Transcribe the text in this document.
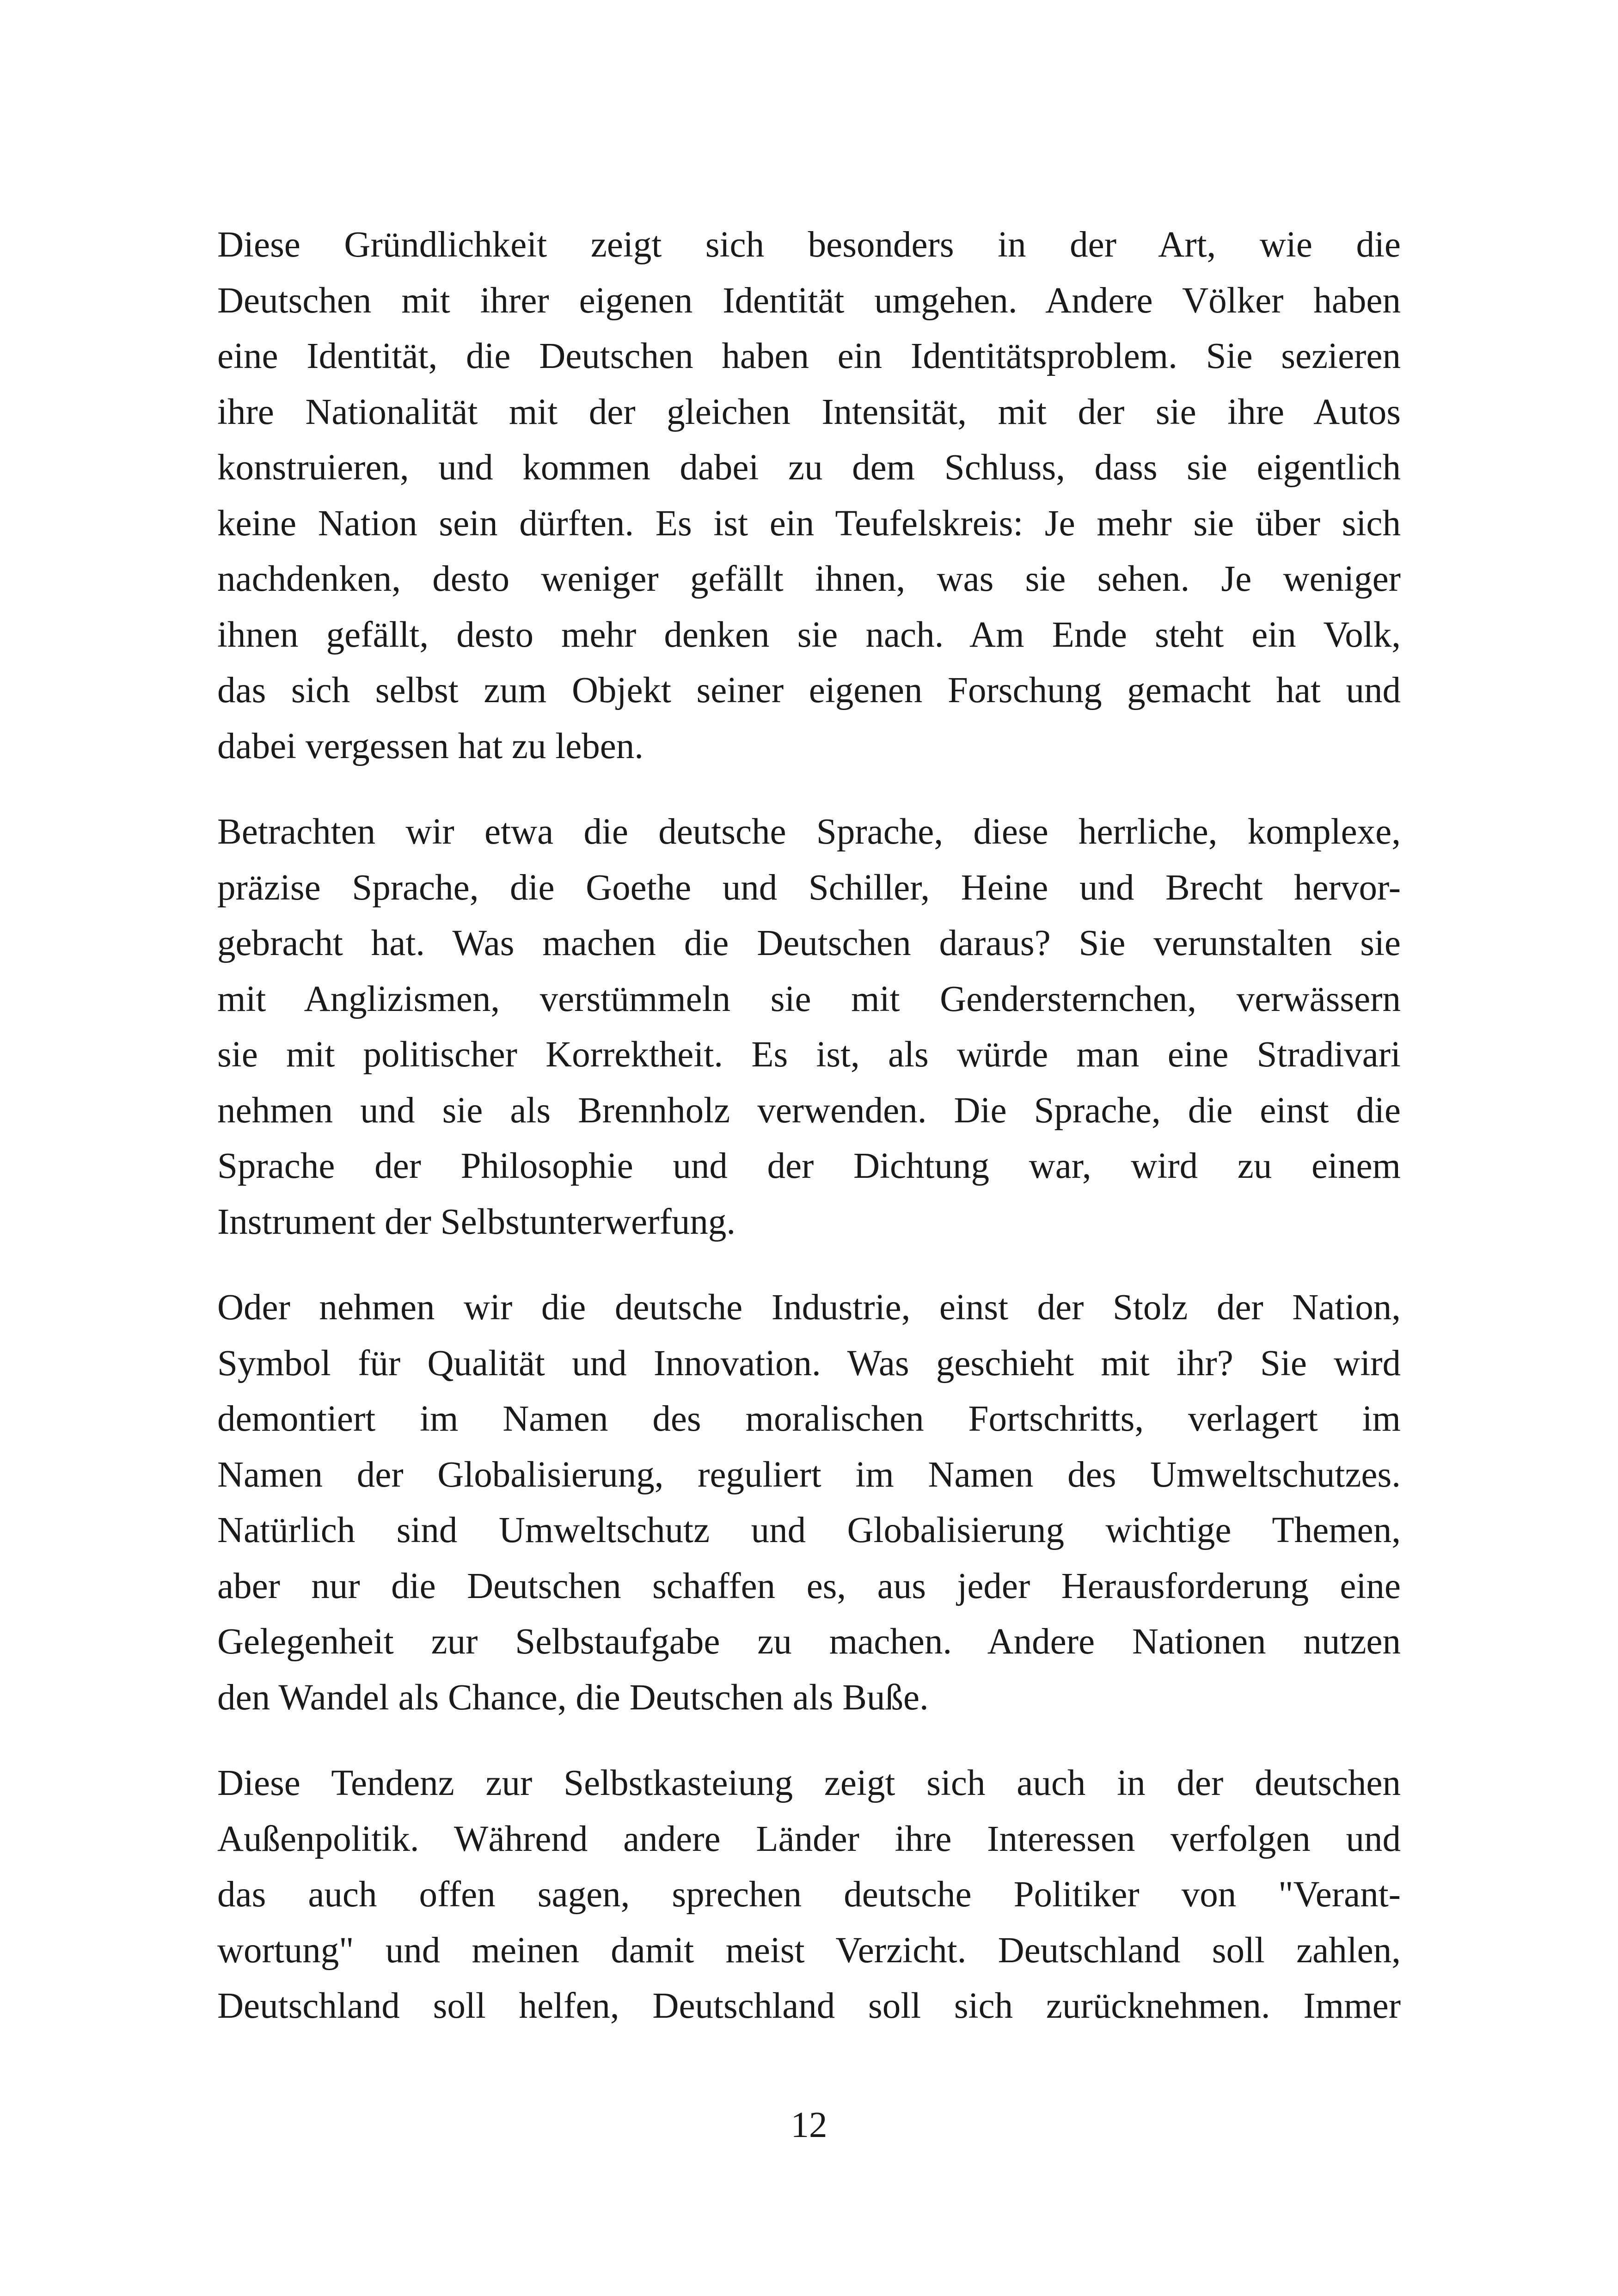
Diese Gründlichkeit zeigt sich besonders in der Art, wie die
Deutschen mit ihrer eigenen Identität umgehen. Andere Völker haben
eine Identität, die Deutschen haben ein Identitätsproblem. Sie sezieren
ihre Nationalität mit der gleichen Intensität, mit der sie ihre Autos
konstruieren, und kommen dabei zu dem Schluss, dass sie eigentlich
keine Nation sein dürften. Es ist ein Teufelskreis: Je mehr sie über sich
nachdenken, desto weniger gefällt ihnen, was sie sehen. Je weniger
ihnen gefällt, desto mehr denken sie nach. Am Ende steht ein Volk,
das sich selbst zum Objekt seiner eigenen Forschung gemacht hat und
dabei vergessen hat zu leben.
Betrachten wir etwa die deutsche Sprache, diese herrliche, komplexe,
präzise Sprache, die Goethe und Schiller, Heine und Brecht hervor-
gebracht hat. Was machen die Deutschen daraus? Sie verunstalten sie
mit Anglizismen, verstümmeln sie mit Gendersternchen, verwässern
sie mit politischer Korrektheit. Es ist, als würde man eine Stradivari
nehmen und sie als Brennholz verwenden. Die Sprache, die einst die
Sprache der Philosophie und der Dichtung war, wird zu einem
Instrument der Selbstunterwerfung.
Oder nehmen wir die deutsche Industrie, einst der Stolz der Nation,
Symbol für Qualität und Innovation. Was geschieht mit ihr? Sie wird
demontiert im Namen des moralischen Fortschritts, verlagert im
Namen der Globalisierung, reguliert im Namen des Umweltschutzes.
Natürlich sind Umweltschutz und Globalisierung wichtige Themen,
aber nur die Deutschen schaffen es, aus jeder Herausforderung eine
Gelegenheit zur Selbstaufgabe zu machen. Andere Nationen nutzen
den Wandel als Chance, die Deutschen als Buße.
Diese Tendenz zur Selbstkasteiung zeigt sich auch in der deutschen
Außenpolitik. Während andere Länder ihre Interessen verfolgen und
das auch offen sagen, sprechen deutsche Politiker von "Verant-
wortung" und meinen damit meist Verzicht. Deutschland soll zahlen,
Deutschland soll helfen, Deutschland soll sich zurücknehmen. Immer
12
